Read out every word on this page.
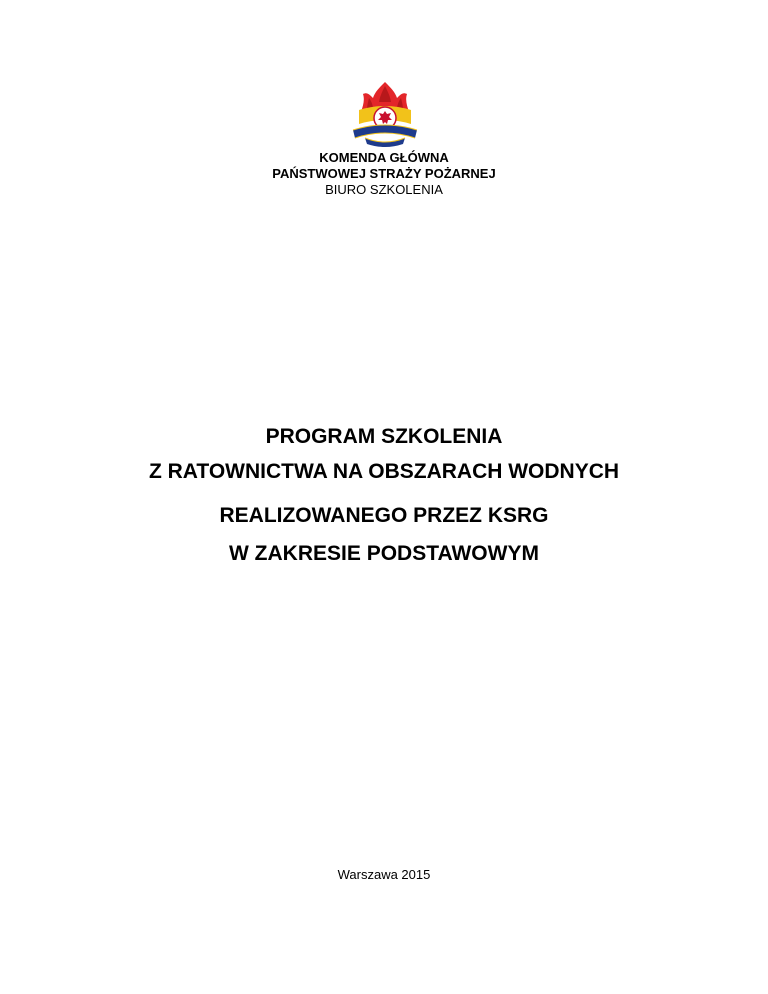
KOMENDA GŁÓWNA
PAŃSTWOWEJ STRAŻY POŻARNEJ
BIURO SZKOLENIA
PROGRAM SZKOLENIA
Z RATOWNICTWA NA OBSZARACH WODNYCH
REALIZOWANEGO PRZEZ KSRG
W ZAKRESIE PODSTAWOWYM
Warszawa 2015
